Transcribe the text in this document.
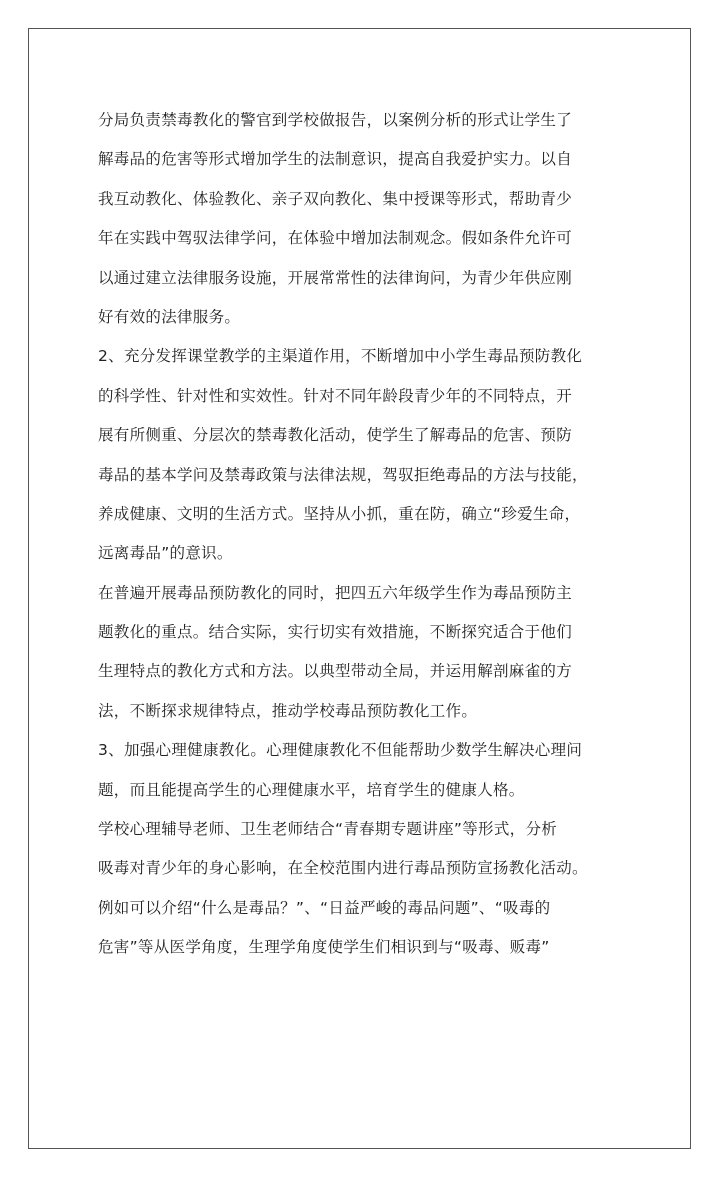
分局负责禁毒教化的警官到学校做报告，以案例分析的形式让学生了
解毒品的危害等形式增加学生的法制意识，提高自我爱护实力。以自
我互动教化、体验教化、亲子双向教化、集中授课等形式，帮助青少
年在实践中驾驭法律学问，在体验中增加法制观念。假如条件允许可
以通过建立法律服务设施，开展常常性的法律询问，为青少年供应刚
好有效的法律服务。
2、充分发挥课堂教学的主渠道作用，不断增加中小学生毒品预防教化
的科学性、针对性和实效性。针对不同年龄段青少年的不同特点，开
展有所侧重、分层次的禁毒教化活动，使学生了解毒品的危害、预防
毒品的基本学问及禁毒政策与法律法规，驾驭拒绝毒品的方法与技能，
养成健康、文明的生活方式。坚持从小抓，重在防，确立“珍爱生命，
远离毒品”的意识。
在普遍开展毒品预防教化的同时，把四五六年级学生作为毒品预防主
题教化的重点。结合实际，实行切实有效措施，不断探究适合于他们
生理特点的教化方式和方法。以典型带动全局，并运用解剖麻雀的方
法，不断探求规律特点，推动学校毒品预防教化工作。
3、加强心理健康教化。心理健康教化不但能帮助少数学生解决心理问
题，而且能提高学生的心理健康水平，培育学生的健康人格。
学校心理辅导老师、卫生老师结合“青春期专题讲座”等形式，分析
吸毒对青少年的身心影响，在全校范围内进行毒品预防宣扬教化活动。
例如可以介绍“什么是毒品？”、“日益严峻的毒品问题”、“吸毒的
危害”等从医学角度，生理学角度使学生们相识到与“吸毒、贩毒”
